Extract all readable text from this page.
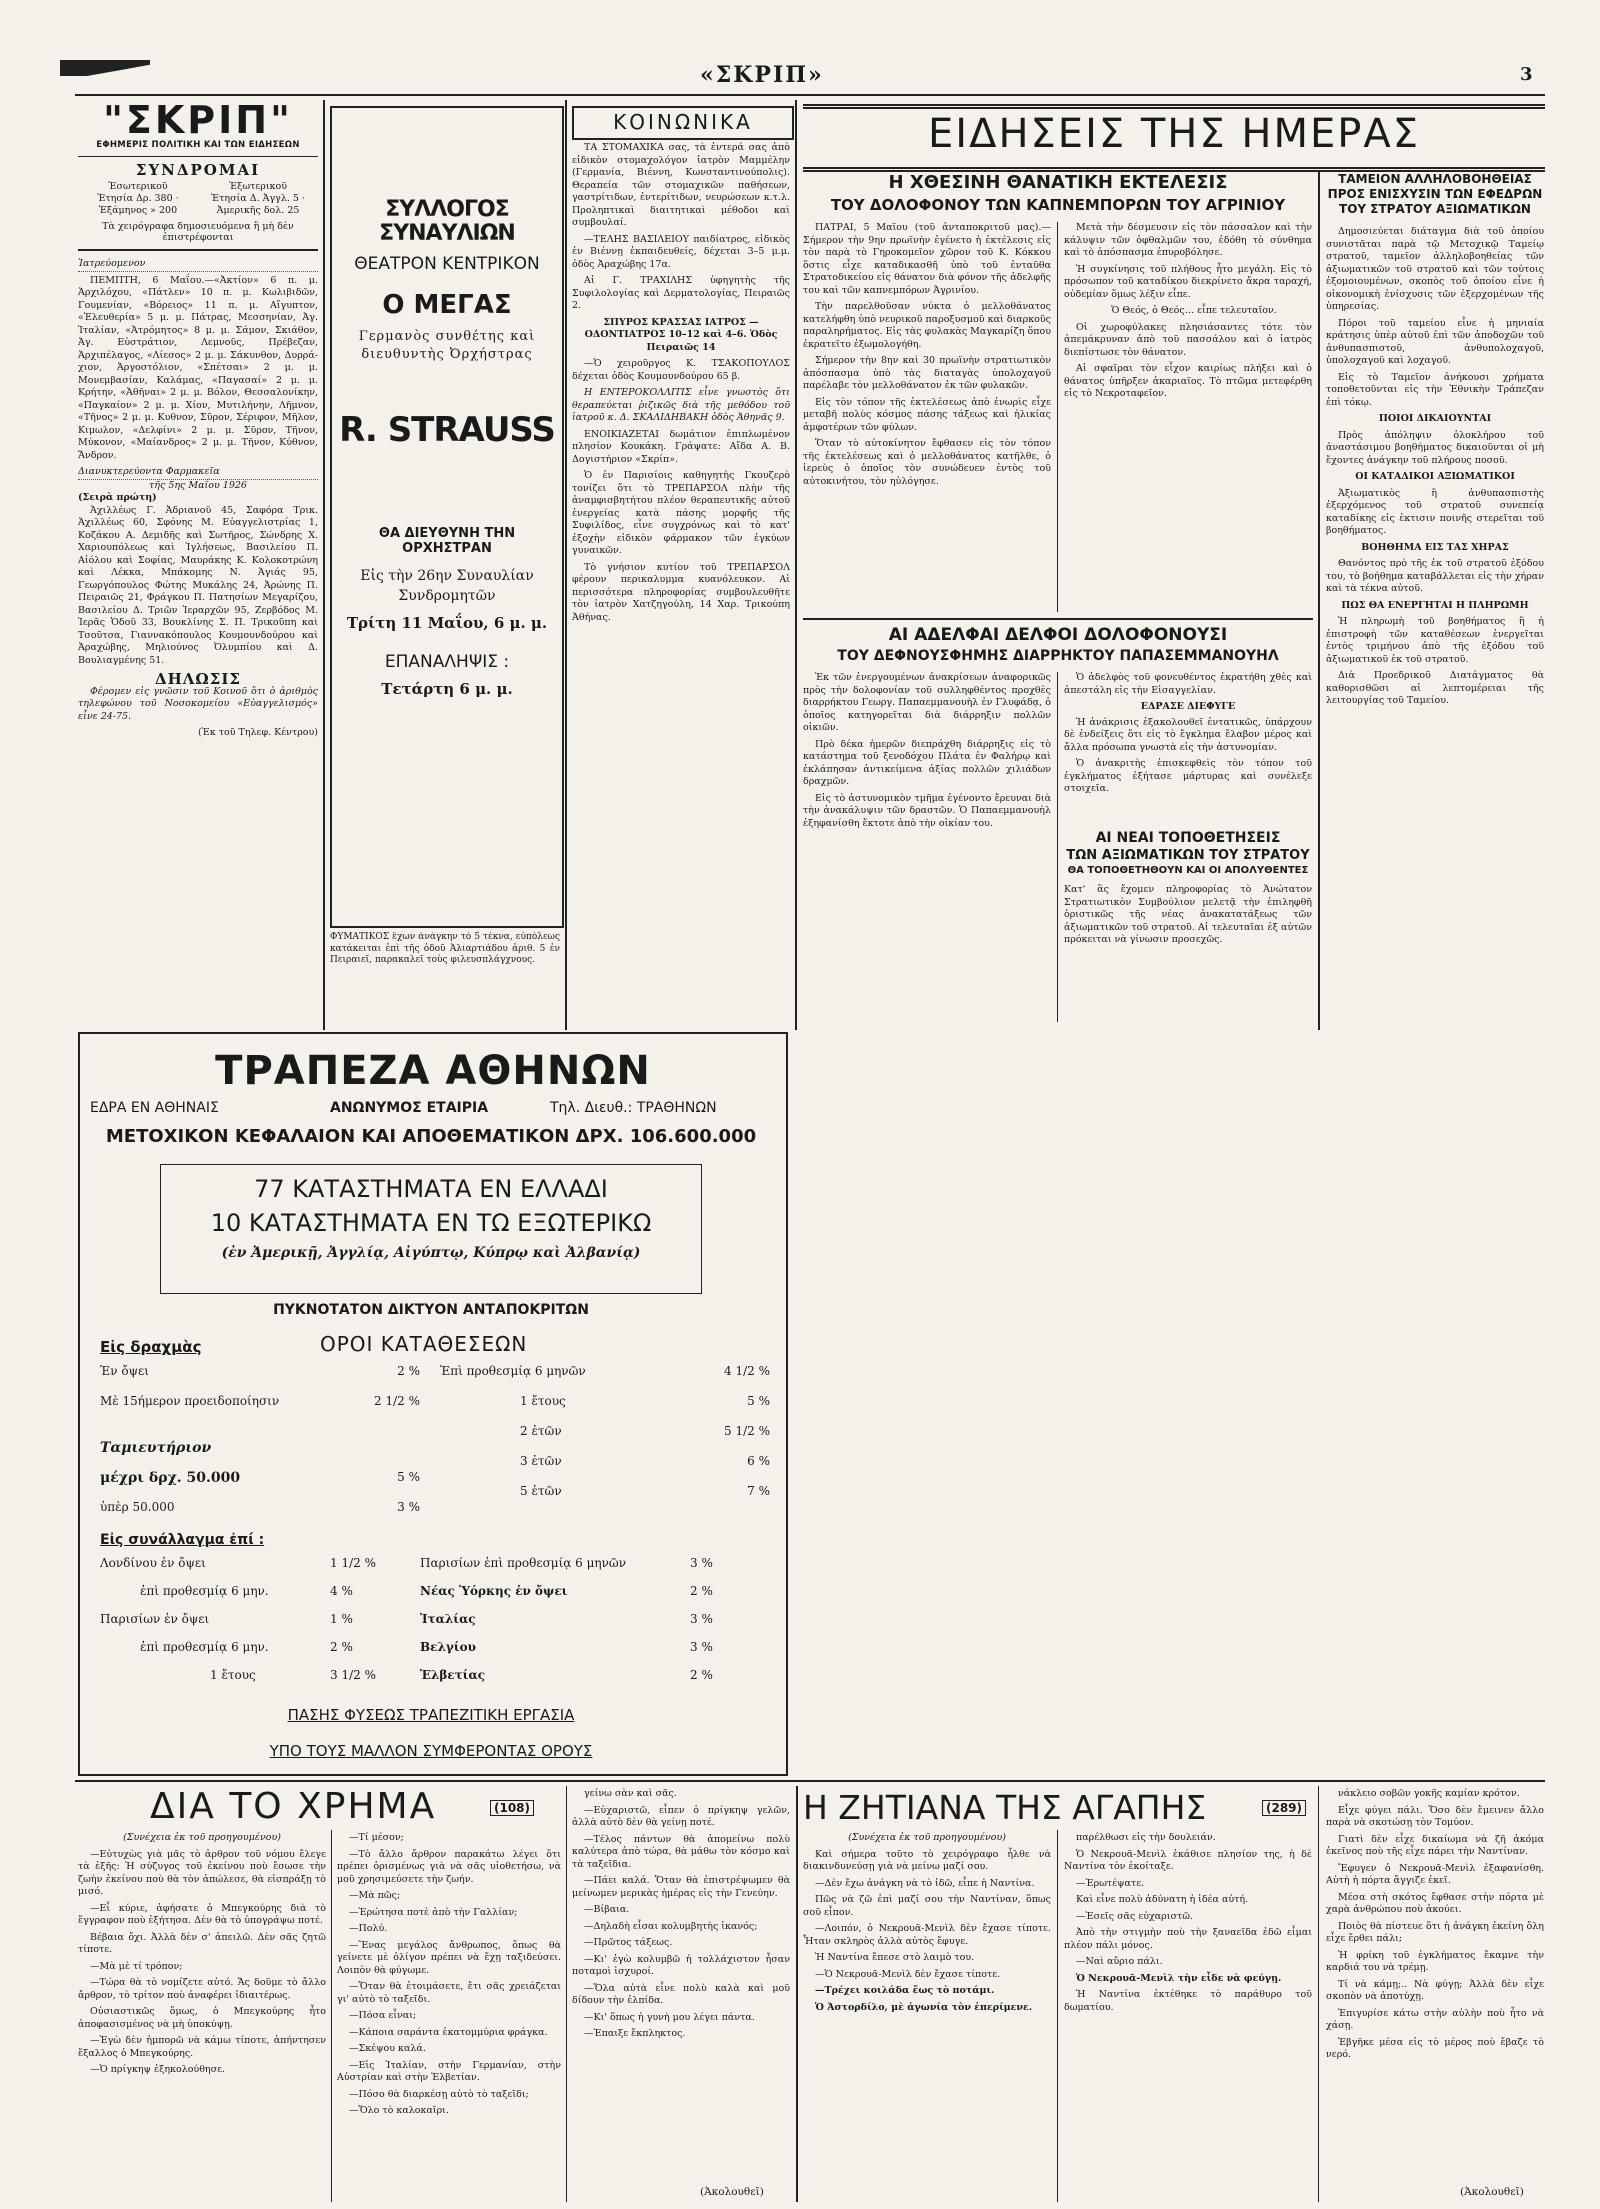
«ΣΚΡΙΠ»	3
"ΣΚΡΙΠ"
ΕΦΗΜΕΡΙΣ ΠΟΛΙΤΙΚΗ ΚΑΙ ΤΩΝ ΕΙΔΗΣΕΩΝ
ΣΥΝΔΡΟΜΑΙ
Ἐσωτερικοῦ
Ἐτησία Δρ. 380 · Ἑξάμηνος » 200
Ἐξωτερικοῦ
Ἐτησία Δ. Ἀγγλ. 5 · Ἀμερικῆς δολ. 25
Τὰ χειρόγραφα δημοσιευόμενα ἢ μὴ δὲν ἐπιστρέφονται
Ἰατρεύομενον

ΠΕΜΠΤΗ, 6 Μαΐου.—«Ἀκτίον» 6 π. μ. Ἀρχιλόχου, «Πάτλεν» 10 π. μ. Κωλιβιδῶν, Γουμενίαν, «Βόρειος» 11 π. μ. Αἴγυπτον, «Ἐλευθερία» 5 μ. μ. Πάτρας, Μεσσηνίαν, Ἀγ. Ἰταλίαν, «Ἀτρόμητος» 8 μ. μ. Σάμον, Σκιάθον, Ἀγ. Εὐστράτιον, Λεμνοῦς, Πρέβεζαν, Ἀρχιπέλαγος, «Λίεσος» 2 μ. μ. Σάκυνθον, Δυρρά-χιον, Ἀργοστόλιον, «Σπέτσαι» 2 μ. μ. Μονεμβασίαν, Καλάμας, «Παγασαί» 2 μ. μ. Κρήτην, «Ἀθῆναι» 2 μ. μ. Βόλον, Θεσσαλονίκην, «Παγκαίον» 2 μ. μ. Χίον, Μυτιλήνην, Λῆμνον, «Τῆνος» 2 μ. μ. Κυθνον, Σῦρον, Σέριφον, Μῆλον, Κιμωλον, «Δελφίνι» 2 μ. μ. Σῦρον, Τῆνον, Μύκονον, «Μαίανδρος» 2 μ. μ. Τῆνον, Κύθνον, Ἄνδρον.

Διανυκτερεύοντα Φαρμακεῖα
τῆς 5ης Μαΐου 1926
(Σειρὰ πρώτη)

Ἀχιλλέως Γ. Ἀδριανοῦ 45, Σαφόρα Τρικ. Ἀχιλλέως 60, Σφόνης Μ. Εὐαγγελιστρίας 1, Κοζάκου Α. Δεμιδῆς καὶ Σωτῆρος, Σώνδρης Χ. Χαριουπόλεως καὶ Ἰγλήσεως, Βασιλείου Π. Αἰόλου καὶ Σοφίας, Μαυράκης Κ. Κολοκοτρώνη καὶ Λέκκα, Μπάκομης Ν. Ἀγιάς 95, Γεωργόπουλος Φώτης Μυκάλης 24, Ἀρώνης Π. Πειραιῶς 21, Φράγκου Π. Πατησίων Μεγαρίζου, Βασιλείου Δ. Τριῶν Ἱεραρχῶν 95, Ζερβόδος Μ. Ἱερᾶς Ὁδοῦ 33, Βουκλίνης Σ. Π. Τρικοῦπη καὶ Τσοῦτσα, Γιαννακόπουλος Κουμουνδούρου καὶ Ἀραχώβης, Μηλιούνος Ὀλυμπίου καὶ Δ. Βουλιαγμένης 51.

ΔΗΛΩΣΙΣ

Φέρομεν εἰς γνῶσιν τοῦ Κοινοῦ ὅτι ὁ ἀριθμὸς τηλεφώνου τοῦ Νοσοκομείου «Εὐαγγελισμός» εἶνε 24-75.

(Ἐκ τοῦ Τηλεφ. Κέντρου)
ΣΥΛΛΟΓΟΣ ΣΥΝΑΥΛΙΩΝ
ΘΕΑΤΡΟΝ ΚΕΝΤΡΙΚΟΝ
Ο ΜΕΓΑΣ
Γερμανὸς συνθέτης καὶ διευθυντὴς Ὀρχήστρας
R. STRAUSS
ΘΑ ΔΙΕΥΘΥΝΗ ΤΗΝ ΟΡΧΗΣΤΡΑΝ
Εἰς τὴν 26ην Συναυλίαν Συνδρομητῶν
Τρίτη 11 Μαΐου, 6 μ. μ.
ΕΠΑΝΑΛΗΨΙΣ :
Τετάρτη 6 μ. μ.
ΚΟΙΝΩΝΙΚΑ

ΤΑ ΣΤΟΜΑΧΙΚΑ σας, τὰ ἐντερά σας ἀπὸ εἰδικὸν στομαχολόγον ἰατρὸν Μαμμέλην (Γερμανία, Βιέννη, Κωνσταντινούπολις). Θεραπεία τῶν στομαχικῶν παθήσεων, γαστρίτιδων, ἐντερίτιδων, νευρώσεων κ.τ.λ. Προληπτικαὶ διαιτητικαὶ μέθοδοι καὶ συμβουλαί.

—ΤΕΛΗΣ ΒΑΣΙΛΕΙΟΥ παιδίατρος, εἰδικὸς ἐν Βιέννῃ ἐκπαιδευθείς, δέχεται 3–5 μ.μ. ὁδὸς Ἀραχώβης 17α.

Αἱ Γ. ΤΡΑΧΙΛΗΣ ὑφηγητὴς τῆς Συφιλολογίας καὶ Δερματολογίας, Πειραιῶς 2.

ΣΠΥΡΟΣ ΚΡΑΣΣΑΣ ΙΑΤΡΟΣ — ΟΔΟΝΤΙΑΤΡΟΣ 10–12 καὶ 4–6. Ὁδὸς Πειραιῶς 14

—Ὁ χειροῦργος Κ. ΤΣΑΚΟΠΟΥΛΟΣ δέχεται ὁδὸς Κουμουνδούρου 65 β.

Η ΕΝΤΕΡΟΚΟΛΛΙΤΙΣ εἶνε γνωστὸς ὅτι θεραπεύεται ῥιζικῶς διὰ τῆς μεθόδου τοῦ ἰατροῦ κ. Δ. ΣΚΑΛΙΔΗΒΑΚΗ ὁδὸς Ἀθηνᾶς 9.

ΕΝΟΙΚΙΑΖΕΤΑΙ δωμάτιον ἐπιπλωμένον πλησίον Κουκάκη. Γράψατε: Αἴδα Α. Β. Δογιστήριον «Σκρίπ».

Ὁ ἐν Παρισίοις καθηγητὴς Γκουζερὸ τονίζει ὅτι τὸ ΤΡΕΠΑΡΣΟΛ πλὴν τῆς ἀναμφισβητήτου πλέον θεραπευτικῆς αὐτοῦ ἐνεργείας κατὰ πάσης μορφῆς τῆς Συφιλίδος, εἶνε συγχρόνως καὶ τὸ κατ' ἐξοχὴν εἰδικὸν φάρμακον τῶν ἐγκύων γυναικῶν.

Τὸ γνήσιον κυτίον τοῦ ΤΡΕΠΑΡΣΟΛ φέρουν περικαλυμμα κυανόλευκον. Αἱ περισσότερα πληροφορίας συμβουλευθῆτε τὸν ἰατρὸν Χατζηγούλη, 14 Χαρ. Τρικούπη Ἀθήνας.

ΦΥΜΑΤΙΚΟΣ ἔχων ἀνάγκην τὸ 5 τέκνα, εὐπόλεως κατάκειται ἐπὶ τῆς ὁδοῦ Ἀλιαρτιάδου ἀριθ. 5 ἐν Πειραιεῖ, παρακαλεῖ τοὺς φιλευσπλάγχνους.
ΕΙΔΗΣΕΙΣ ΤΗΣ ΗΜΕΡΑΣ
Η ΧΘΕΣΙΝΗ ΘΑΝΑΤΙΚΗ ΕΚΤΕΛΕΣΙΣ
ΤΟΥ ΔΟΛΟΦΟΝΟΥ ΤΩΝ ΚΑΠΝΕΜΠΟΡΩΝ ΤΟΥ ΑΓΡΙΝΙΟΥ

ΠΑΤΡΑΙ, 5 Μαΐου (τοῦ ἀνταποκριτοῦ μας).— Σήμερον τὴν 9ην πρωϊνὴν ἐγένετο ἡ ἐκτέλεσις εἰς τὸν παρὰ τὸ Γηροκομεῖον χῶρον τοῦ Κ. Κόκκου ὅστις εἶχε καταδικασθῆ ὑπὸ τοῦ ἐνταῦθα Στρατοδικείου εἰς θάνατον διὰ φόνον τῆς ἀδελφῆς του καὶ τῶν καπνεμπόρων Ἀγρινίου.

Τὴν παρελθοῦσαν νύκτα ὁ μελλοθάνατος κατελήφθη ὑπὸ νευρικοῦ παροξυσμοῦ καὶ διαρκοῦς παραληρήματος. Εἰς τὰς φυλακὰς Μαγκαρίζη ὅπου ἐκρατεῖτο ἐξωμολογήθη.

Σήμερον τὴν 8ην καὶ 30 πρωϊνὴν στρατιωτικὸν ἀπόσπασμα ὑπὸ τὰς διαταγὰς ὑπολοχαγοῦ παρέλαβε τὸν μελλοθάνατον ἐκ τῶν φυλακῶν.

Εἰς τὸν τόπον τῆς ἐκτελέσεως ἀπὸ ἐνωρὶς εἶχε μεταβῆ πολὺς κόσμος πάσης τάξεως καὶ ἡλικίας ἀμφοτέρων τῶν φύλων.

Ὅταν τὸ αὐτοκίνητον ἔφθασεν εἰς τὸν τόπον τῆς ἐκτελέσεως καὶ ὁ μελλοθάνατος κατῆλθε, ὁ ἱερεὺς ὁ ὁποῖος τὸν συνώδευεν ἐντὸς τοῦ αὐτοκινήτου, τὸν ηὐλόγησε.

Μετὰ τὴν δέσμευσιν εἰς τὸν πάσσαλον καὶ τὴν κάλυψιν τῶν ὀφθαλμῶν του, ἐδόθη τὸ σύνθημα καὶ τὸ ἀπόσπασμα ἐπυροβόλησε.

Ἡ συγκίνησις τοῦ πλήθους ἦτο μεγάλη. Εἰς τὸ πρόσωπον τοῦ καταδίκου διεκρίνετο ἄκρα ταραχή, οὐδεμίαν ὅμως λέξιν εἶπε.

Ὁ Θεός, ὁ Θεός… εἶπε τελευταῖον.

Οἱ χωροφύλακες πλησιάσαντες τότε τὸν ἀπεμάκρυναν ἀπὸ τοῦ πασσάλου καὶ ὁ ἰατρὸς διεπίστωσε τὸν θάνατον.

Αἱ σφαῖραι τὸν εἶχον καιρίως πλήξει καὶ ὁ θάνατος ὑπῆρξεν ἀκαριαῖος. Τὸ πτῶμα μετεφέρθη εἰς τὸ Νεκροταφεῖον.

ΤΑΜΕΙΟΝ ΑΛΛΗΛΟΒΟΗΘΕΙΑΣ ΠΡΟΣ ΕΝΙΣΧΥΣΙΝ ΤΩΝ ΕΦΕΔΡΩΝ ΤΟΥ ΣΤΡΑΤΟΥ ΑΞΙΩΜΑΤΙΚΩΝ

Δημοσιεύεται διάταγμα διὰ τοῦ ὁποίου συνιστᾶται παρὰ τῷ Μετοχικῷ Ταμείῳ στρατοῦ, ταμεῖον ἀλληλοβοηθείας τῶν ἀξιωματικῶν τοῦ στρατοῦ καὶ τῶν τούτοις ἐξομοιουμένων, σκοπὸς τοῦ ὁποίου εἶνε ἡ οἰκονομικὴ ἐνίσχυσις τῶν ἐξερχομένων τῆς ὑπηρεσίας.

Πόροι τοῦ ταμείου εἶνε ἡ μηνιαία κράτησις ὑπὲρ αὐτοῦ ἐπὶ τῶν ἀποδοχῶν τοῦ ἀνθυπασπιστοῦ, ἀνθυπολοχαγοῦ, ὑπολοχαγοῦ καὶ λοχαγοῦ.

Εἰς τὸ Ταμεῖον ἀνήκουσι χρήματα τοποθετοῦνται εἰς τὴν Ἐθνικὴν Τράπεζαν ἐπὶ τόκῳ.

ΠΟΙΟΙ ΔΙΚΑΙΟΥΝΤΑΙ

Πρὸς ἀπόληψιν ὁλοκλήρου τοῦ ἀναστάσιμου βοηθήματος δικαιοῦνται οἱ μὴ ἔχοντες ἀνάγκην τοῦ πλήρους ποσοῦ.

ΟΙ ΚΑΤΑΔΙΚΟΙ ΑΞΙΩΜΑΤΙΚΟΙ

Ἀξιωματικὸς ἢ ἀνθυπασπιστὴς ἐξερχόμενος τοῦ στρατοῦ συνεπείᾳ καταδίκης εἰς ἐκτισιν ποινῆς στερεῖται τοῦ βοηθήματος.

ΒΟΗΘΗΜΑ ΕΙΣ ΤΑΣ ΧΗΡΑΣ

Θανόντος πρὸ τῆς ἐκ τοῦ στρατοῦ ἐξόδου του, τὸ βοήθημα καταβάλλεται εἰς τὴν χήραν καὶ τὰ τέκνα αὐτοῦ.

ΠΩΣ ΘΑ ΕΝΕΡΓΗΤΑΙ Η ΠΛΗΡΩΜΗ

Ἡ πληρωμὴ τοῦ βοηθήματος ἢ ἡ ἐπιστροφὴ τῶν καταθέσεων ἐνεργεῖται ἐντὸς τριμήνου ἀπὸ τῆς ἐξόδου τοῦ ἀξιωματικοῦ ἐκ τοῦ στρατοῦ.

Διὰ Προεδρικοῦ Διατάγματος θὰ καθορισθῶσι αἱ λεπτομέρειαι τῆς λειτουργίας τοῦ Ταμείου.

ΑΙ ΑΔΕΛΦΑΙ ΔΕΛΦΟΙ ΔΟΛΟΦΟΝΟΥΣΙ
ΤΟΥ ΔΕΦΝΟΥΣΦΗΜΗΣ ΔΙΑΡΡΗΚΤΟΥ ΠΑΠΑΣΕΜΜΑΝΟΥΗΛ

Ἐκ τῶν ἐνεργουμένων ἀνακρίσεων ἀναφορικῶς πρὸς τὴν δολοφονίαν τοῦ συλληφθέντος προχθὲς διαρρήκτου Γεωργ. Παπαεμμανουὴλ ἐν Γλυφάδᾳ, ὁ ὁποῖος κατηγορεῖται διὰ διάρρηξιν πολλῶν οἰκιῶν.

Πρὸ δέκα ἡμερῶν διεπράχθη διάρρηξις εἰς τὸ κατάστημα τοῦ ξενοδόχου Πλάτα ἐν Φαλήρῳ καὶ ἐκλάπησαν ἀντικείμενα ἀξίας πολλῶν χιλιάδων δραχμῶν.

Εἰς τὸ ἀστυνομικὸν τμῆμα ἐγένοντο ἔρευναι διὰ τὴν ἀνακάλυψιν τῶν δραστῶν. Ὁ Παπαεμμανουὴλ ἐξηφανίσθη ἔκτοτε ἀπὸ τὴν οἰκίαν του.

Ὁ ἀδελφὸς τοῦ φονευθέντος ἐκρατήθη χθὲς καὶ ἀπεστάλη εἰς τὴν Εἰσαγγελίαν.

ΕΔΡΑΣΕ ΔΙΕΦΥΓΕ

Ἡ ἀνάκρισις ἐξακολουθεῖ ἐντατικῶς, ὑπάρχουν δὲ ἐνδείξεις ὅτι εἰς τὸ ἔγκλημα ἔλαβον μέρος καὶ ἄλλα πρόσωπα γνωστὰ εἰς τὴν ἀστυνομίαν.

Ὁ ἀνακριτὴς ἐπισκεφθεὶς τὸν τόπον τοῦ ἐγκλήματος ἐξήτασε μάρτυρας καὶ συνέλεξε στοιχεῖα.

ΑΙ ΝΕΑΙ ΤΟΠΟΘΕΤΗΣΕΙΣ
ΤΩΝ ΑΞΙΩΜΑΤΙΚΩΝ ΤΟΥ ΣΤΡΑΤΟΥ
ΘΑ ΤΟΠΟΘΕΤΗΘΟΥΝ ΚΑΙ ΟΙ ΑΠΟΛΥΘΕΝΤΕΣ
Κατ' ἃς ἔχομεν πληροφορίας τὸ Ἀνώτατον Στρατιωτικὸν Συμβούλιον μελετᾷ τὴν ἐπιληφθῆ ὁριστικῶς τῆς νέας ἀνακατατάξεως τῶν ἀξιωματικῶν τοῦ στρατοῦ. Αἱ τελευταῖαι ἐξ αὐτῶν πρόκειται νὰ γίνωσιν προσεχῶς.
ΤΡΑΠΕΖΑ ΑΘΗΝΩΝ
ΕΔΡΑ ΕΝ ΑΘΗΝΑΙΣ	ΑΝΩΝΥΜΟΣ ΕΤΑΙΡΙΑ	Τηλ. Διευθ.: ΤΡΑΘΗΝΩΝ
ΜΕΤΟΧΙΚΟΝ ΚΕΦΑΛΑΙΟΝ ΚΑΙ ΑΠΟΘΕΜΑΤΙΚΟΝ ΔΡΧ. 106.600.000
77 ΚΑΤΑΣΤΗΜΑΤΑ ΕΝ ΕΛΛΑΔΙ
10 ΚΑΤΑΣΤΗΜΑΤΑ ΕΝ ΤΩ ΕΞΩΤΕΡΙΚΩ
(ἐν Ἀμερικῇ, Ἀγγλίᾳ, Αἰγύπτῳ, Κύπρῳ καὶ Ἀλβανίᾳ)
ΠΥΚΝΟΤΑΤΟΝ ΔΙΚΤΥΟΝ ΑΝΤΑΠΟΚΡΙΤΩΝ
Εἰς δραχμὰς	ΟΡΟΙ ΚΑΤΑΘΕΣΕΩΝ
Ἐν ὄψει	2 %
Μὲ 15ήμερον προειδοποίησιν	2 1/2 %
Ταμιευτήριον
μέχρι δρχ. 50.000	5 %
ὑπὲρ 50.000	3 %
Ἐπὶ προθεσμίᾳ 6 μηνῶν	4 1/2 %
1 ἔτους	5 %
2 ἐτῶν	5 1/2 %
3 ἐτῶν	6 %
5 ἐτῶν	7 %
Εἰς συνάλλαγμα ἐπί :
Λονδίνου ἐν ὄψει	1 1/2 %	Παρισίων ἐπὶ προθεσμίᾳ 6 μηνῶν	3 %
ἐπὶ προθεσμίᾳ 6 μην.	4 %	Νέας Ὑόρκης ἐν ὄψει	2 %
Παρισίων ἐν ὄψει	1 %	Ἰταλίας	3 %
ἐπὶ προθεσμίᾳ 6 μην.	2 %	Βελγίου	3 %
1 ἔτους	3 1/2 %	Ἑλβετίας	2 %
ΠΑΣΗΣ ΦΥΣΕΩΣ ΤΡΑΠΕΖΙΤΙΚΗ ΕΡΓΑΣΙΑ
ΥΠΟ ΤΟΥΣ ΜΑΛΛΟΝ ΣΥΜΦΕΡΟΝΤΑΣ ΟΡΟΥΣ
ΔΙΑ ΤΟ ΧΡΗΜΑ	(108)
(Συνέχεια ἐκ τοῦ προηγουμένου)

—Εὐτυχὼς γιὰ μᾶς τὸ ἀρθρον τοῦ νόμου ἔλεγε τὰ ἑξῆς: Ἡ σύζυγος τοῦ ἐκείνου ποὺ ἔσωσε τὴν ζωὴν ἐκείνου ποὺ θὰ τὸν ἀπώλεσε, θὰ εἰσπράξῃ τὸ μισό.

—Εἶ κύριε, ἀφήσατε ὁ Μπεγκούρης διὰ τὸ ἔγγραφον ποὺ ἐξήτησα. Δὲν θὰ τὸ ὑπογράψω ποτέ.

Βέβαια ὄχι. Ἀλλὰ δὲν σ' ἀπειλῶ. Δὲν σᾶς ζητῶ τίποτε.

—Μὰ μὲ τί τρόπον;

—Τώρα θὰ τὸ νομίζετε αὐτό. Ἄς δοῦμε τὸ ἄλλο ἄρθρον, τὸ τρίτον ποὺ ἀναφέρει ἰδιαιτέρως.

Οὐσιαστικῶς ὅμως, ὁ Μπεγκούρης ἦτο ἀποφασισμένος νὰ μὴ ὑποκύψῃ.

—Ἐγὼ δὲν ἠμπορῶ νὰ κάμω τίποτε, ἀπήντησεν ἔξαλλος ὁ Μπεγκούρης.

—Ὁ πρίγκηψ ἐξηκολούθησε.

—Τί μέσον;

—Τὸ ἄλλο ἄρθρον παρακάτω λέγει ὅτι πρέπει ὁρισμένως γιὰ νὰ σᾶς υἱοθετήσω, νὰ μοῦ χρησιμεύσετε τὴν ζωήν.

—Μὰ πῶς;

—Ἐρώτησα ποτὲ ἀπὸ τὴν Γαλλίαν;

—Πολύ.

—Ἕνας μεγάλος ἄνθρωπος, ὅπως θὰ γείνετε μὲ ὀλίγον πρέπει νὰ ἔχῃ ταξιδεύσει. Λοιπὸν θὰ φύγωμε.

—Ὅταν θὰ ἐτοιμάσετε, ἔτι σᾶς χρειάζεται γι' αὐτὸ τὸ ταξεῖδι.

—Πόσα εἶναι;

—Κάποια σαράντα ἑκατομμύρια φράγκα.

—Σκέψου καλά.

—Εἰς Ἰταλίαν, στὴν Γερμανίαν, στὴν Αὐστρίαν καὶ στὴν Ἑλβετίαν.

—Πόσο θὰ διαρκέσῃ αὐτὸ τὸ ταξεῖδι;

—Ὅλο τὸ καλοκαῖρι.

γείνω σὰν καὶ σᾶς.

—Εὐχαριστῶ, εἶπεν ὁ πρίγκηψ γελῶν, ἀλλὰ αὐτὸ δὲν θὰ γείνῃ ποτέ.

—Τέλος πάντων θὰ ἀπομείνω πολὺ καλύτερα ἀπὸ τώρα, θὰ μάθω τὸν κόσμο καὶ τὰ ταξεῖδια.

—Πάει καλά. Ὅταν θὰ ἐπιστρέψωμεν θὰ μείνωμεν μερικὰς ἡμέρας εἰς τὴν Γενεύην.

—Βίβαια.

—Δηλαδὴ εἶσαι κολυμβητὴς ἱκανός;

—Πρῶτος τάξεως.

—Κι' ἐγὼ κολυμβῶ ἡ τολλάχιστον ἦσαν ποταμοὶ ἰσχυροί.

—Ὅλα αὐτὰ εἶνε πολὺ καλὰ καὶ μοῦ δίδουν τὴν ἐλπίδα.

—Κι' ὅπως ἡ γυνὴ μου λέγει πάντα.

—Ἐπαιξε ἔκπληκτος.

(Ἀκολουθεῖ)
Η ΖΗΤΙΑΝΑ ΤΗΣ ΑΓΑΠΗΣ	(289)
(Συνέχεια ἐκ τοῦ προηγουμένου)

Καὶ σήμερα τοῦτο τὸ χειρόγραφο ἦλθε νὰ διακινδυνεύσῃ γιὰ νὰ μείνω μαζί σου.

—Δὲν ἔχω ἀνάγκη νὰ τὸ ἰδῶ, εἶπε ἡ Ναντίνα.

Πῶς νὰ ζῶ ἐπὶ μαζί σου τὴν Ναντίναν, ὅπως σοῦ εἶπον.

—Λοιπόν, ὁ Νεκρουᾶ-Μενὶλ δὲν ἔχασε τίποτε. Ἦταν σκληρὸς ἀλλὰ αὐτὸς ἔφυγε.

Ἡ Ναντίνα ἔπεσε στὸ λαιμὸ του.

—Ὁ Νεκρουᾶ-Μενὶλ δὲν ἔχασε τίποτε.

—Τρέχει κοιλάδα ἔως τὸ ποτάμι.

Ὁ Ἀστορδίλο, μὲ ἀγωνία τὸν ἐπερίμενε.

παρέλθωσι εἰς τὴν δουλειάν.

Ὁ Νεκρουᾶ-Μενὶλ ἐκάθισε πλησίον της, ἡ δὲ Ναντίνα τὸν ἐκοίταξε.

—Ἐρωτέψατε.

Καὶ εἶνε πολὺ ἀδύνατη ἡ ἰδέα αὐτή.

—Ἐσεῖς σᾶς εὐχαριστῶ.

Ἀπὸ τὴν στιγμὴν ποὺ τὴν ξαναεῖδα ἐδῶ εἶμαι πλέον πάλι μόνος.

—Ναὶ αὔριο πάλι.

Ὁ Νεκρουᾶ-Μενὶλ τὴν εἶδε νὰ φεύγῃ.

Ἡ Ναντίνα ἐκτέθηκε τὸ παράθυρο τοῦ δωματίου.

νάκλειο σοβῶν γοκῆς καμίαν κρότον.

Εἶχε φύγει πάλι. Ὅσο δὲν ἔμεινεν ἄλλο παρὰ νὰ σκοτώσῃ τὸν Τομύον.

Γιατὶ δὲν εἶχε δικαίωμα νὰ ζῆ ἀκόμα ἐκεῖνος ποὺ τῆς εἶχε πάρει τὴν Ναντίναν.

Ἔφυγεν ὁ Νεκρουᾶ-Μενὶλ ἐξαφανίσθη. Αὐτὴ ἡ πόρτα ἄγγιζε ἐκεῖ.

Μέσα στὴ σκότος ἔφθασε στὴν πόρτα μὲ χαρὰ ἀνθρώπου ποὺ ἀκούει.

Ποιὸς θὰ πίστευε ὅτι ἡ ἀνάγκη ἐκείνη ὅλη εἶχε ἔρθει πάλι;

Ἡ φρίκη τοῦ ἐγκλήματος ἔκαμνε τὴν καρδιά του νὰ τρέμῃ.

Τί νὰ κάμῃ;.. Νὰ φύγῃ; Ἀλλὰ δὲν εἶχε σκοπὸν νὰ ἀποτύχῃ.

Ἐπιγυρίσε κάτω στὴν αὐλὴν ποὺ ἦτο νὰ χάσῃ.

Ἐβγῆκε μέσα εἰς τὸ μέρος ποὺ ἔβαζε τὸ νερό.

(Ἀκολουθεῖ)
